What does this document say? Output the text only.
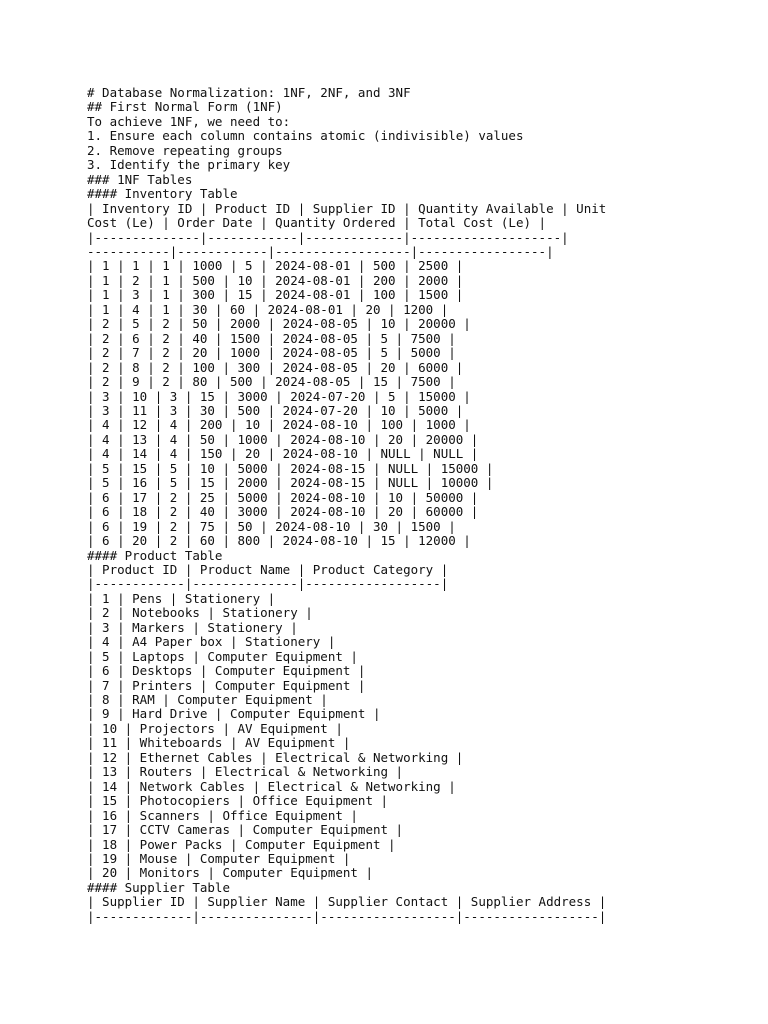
# Database Normalization: 1NF, 2NF, and 3NF
## First Normal Form (1NF)
To achieve 1NF, we need to:
1. Ensure each column contains atomic (indivisible) values
2. Remove repeating groups
3. Identify the primary key
### 1NF Tables
#### Inventory Table
| Inventory ID | Product ID | Supplier ID | Quantity Available | Unit
Cost (Le) | Order Date | Quantity Ordered | Total Cost (Le) |
|--------------|------------|-------------|--------------------|
-----------|------------|------------------|-----------------|
| 1 | 1 | 1 | 1000 | 5 | 2024-08-01 | 500 | 2500 |
| 1 | 2 | 1 | 500 | 10 | 2024-08-01 | 200 | 2000 |
| 1 | 3 | 1 | 300 | 15 | 2024-08-01 | 100 | 1500 |
| 1 | 4 | 1 | 30 | 60 | 2024-08-01 | 20 | 1200 |
| 2 | 5 | 2 | 50 | 2000 | 2024-08-05 | 10 | 20000 |
| 2 | 6 | 2 | 40 | 1500 | 2024-08-05 | 5 | 7500 |
| 2 | 7 | 2 | 20 | 1000 | 2024-08-05 | 5 | 5000 |
| 2 | 8 | 2 | 100 | 300 | 2024-08-05 | 20 | 6000 |
| 2 | 9 | 2 | 80 | 500 | 2024-08-05 | 15 | 7500 |
| 3 | 10 | 3 | 15 | 3000 | 2024-07-20 | 5 | 15000 |
| 3 | 11 | 3 | 30 | 500 | 2024-07-20 | 10 | 5000 |
| 4 | 12 | 4 | 200 | 10 | 2024-08-10 | 100 | 1000 |
| 4 | 13 | 4 | 50 | 1000 | 2024-08-10 | 20 | 20000 |
| 4 | 14 | 4 | 150 | 20 | 2024-08-10 | NULL | NULL |
| 5 | 15 | 5 | 10 | 5000 | 2024-08-15 | NULL | 15000 |
| 5 | 16 | 5 | 15 | 2000 | 2024-08-15 | NULL | 10000 |
| 6 | 17 | 2 | 25 | 5000 | 2024-08-10 | 10 | 50000 |
| 6 | 18 | 2 | 40 | 3000 | 2024-08-10 | 20 | 60000 |
| 6 | 19 | 2 | 75 | 50 | 2024-08-10 | 30 | 1500 |
| 6 | 20 | 2 | 60 | 800 | 2024-08-10 | 15 | 12000 |
#### Product Table
| Product ID | Product Name | Product Category |
|------------|--------------|------------------|
| 1 | Pens | Stationery |
| 2 | Notebooks | Stationery |
| 3 | Markers | Stationery |
| 4 | A4 Paper box | Stationery |
| 5 | Laptops | Computer Equipment |
| 6 | Desktops | Computer Equipment |
| 7 | Printers | Computer Equipment |
| 8 | RAM | Computer Equipment |
| 9 | Hard Drive | Computer Equipment |
| 10 | Projectors | AV Equipment |
| 11 | Whiteboards | AV Equipment |
| 12 | Ethernet Cables | Electrical & Networking |
| 13 | Routers | Electrical & Networking |
| 14 | Network Cables | Electrical & Networking |
| 15 | Photocopiers | Office Equipment |
| 16 | Scanners | Office Equipment |
| 17 | CCTV Cameras | Computer Equipment |
| 18 | Power Packs | Computer Equipment |
| 19 | Mouse | Computer Equipment |
| 20 | Monitors | Computer Equipment |
#### Supplier Table
| Supplier ID | Supplier Name | Supplier Contact | Supplier Address |
|-------------|---------------|------------------|------------------|
